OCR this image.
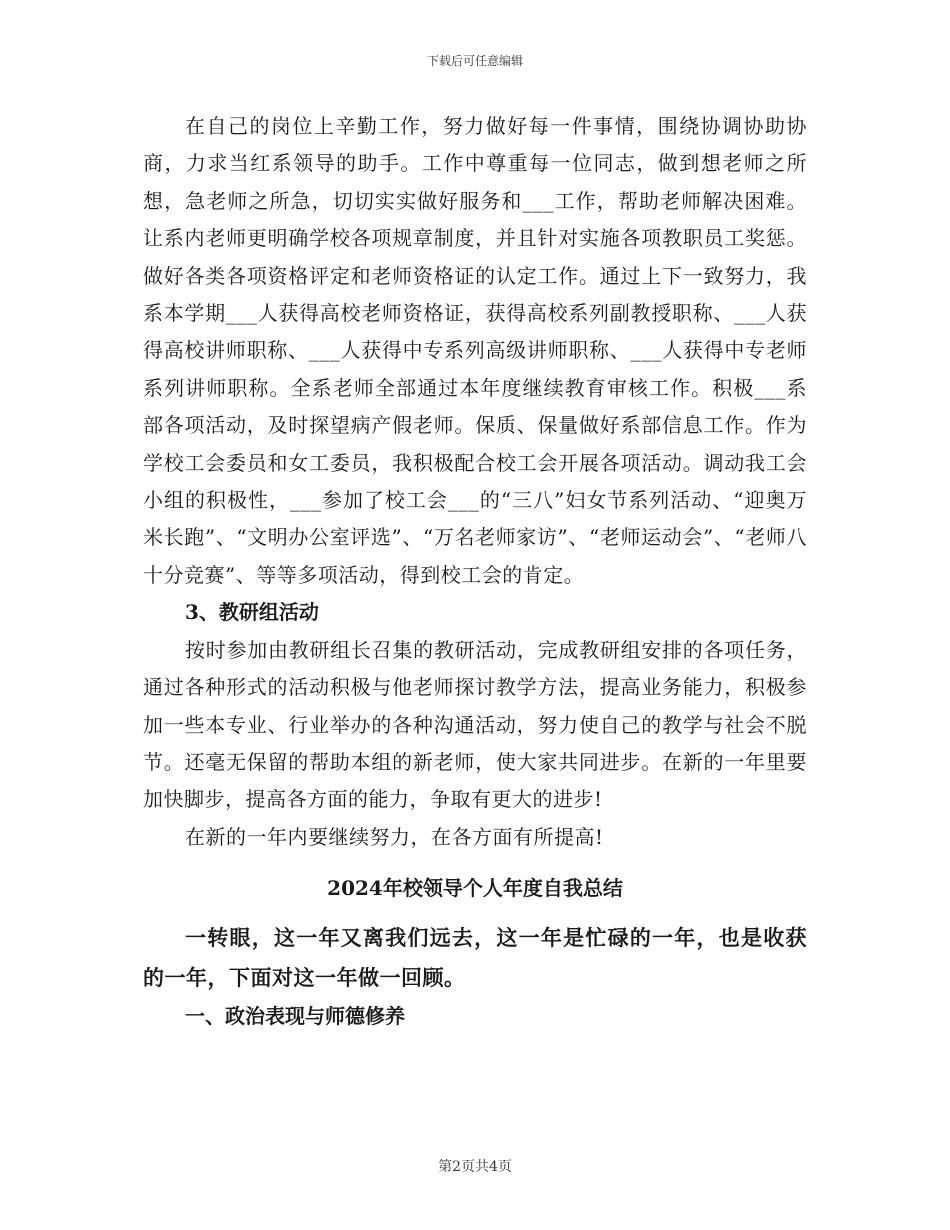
下载后可任意编辑

在自己的岗位上辛勤工作，努力做好每一件事情，围绕协调协助协商，力求当红系领导的助手。工作中尊重每一位同志，做到想老师之所想，急老师之所急，切切实实做好服务和___工作，帮助老师解决困难。让系内老师更明确学校各项规章制度，并且针对实施各项教职员工奖惩。做好各类各项资格评定和老师资格证的认定工作。通过上下一致努力，我系本学期___人获得高校老师资格证，获得高校系列副教授职称、___人获得高校讲师职称、___人获得中专系列高级讲师职称、___人获得中专老师系列讲师职称。全系老师全部通过本年度继续教育审核工作。积极___系部各项活动，及时探望病产假老师。保质、保量做好系部信息工作。作为学校工会委员和女工委员，我积极配合校工会开展各项活动。调动我工会小组的积极性，___参加了校工会___的“三八”妇女节系列活动、“迎奥万米长跑”、“文明办公室评选”、“万名老师家访”、“老师运动会”、“老师八十分竞赛”、等等多项活动，得到校工会的肯定。

3、教研组活动

按时参加由教研组长召集的教研活动，完成教研组安排的各项任务，通过各种形式的活动积极与他老师探讨教学方法，提高业务能力，积极参加一些本专业、行业举办的各种沟通活动，努力使自己的教学与社会不脱节。还毫无保留的帮助本组的新老师，使大家共同进步。在新的一年里要加快脚步，提高各方面的能力，争取有更大的进步!

在新的一年内要继续努力，在各方面有所提高!

2024年校领导个人年度自我总结

一转眼，这一年又离我们远去，这一年是忙碌的一年，也是收获的一年，下面对这一年做一回顾。

一、政治表现与师德修养

第2页共4页
